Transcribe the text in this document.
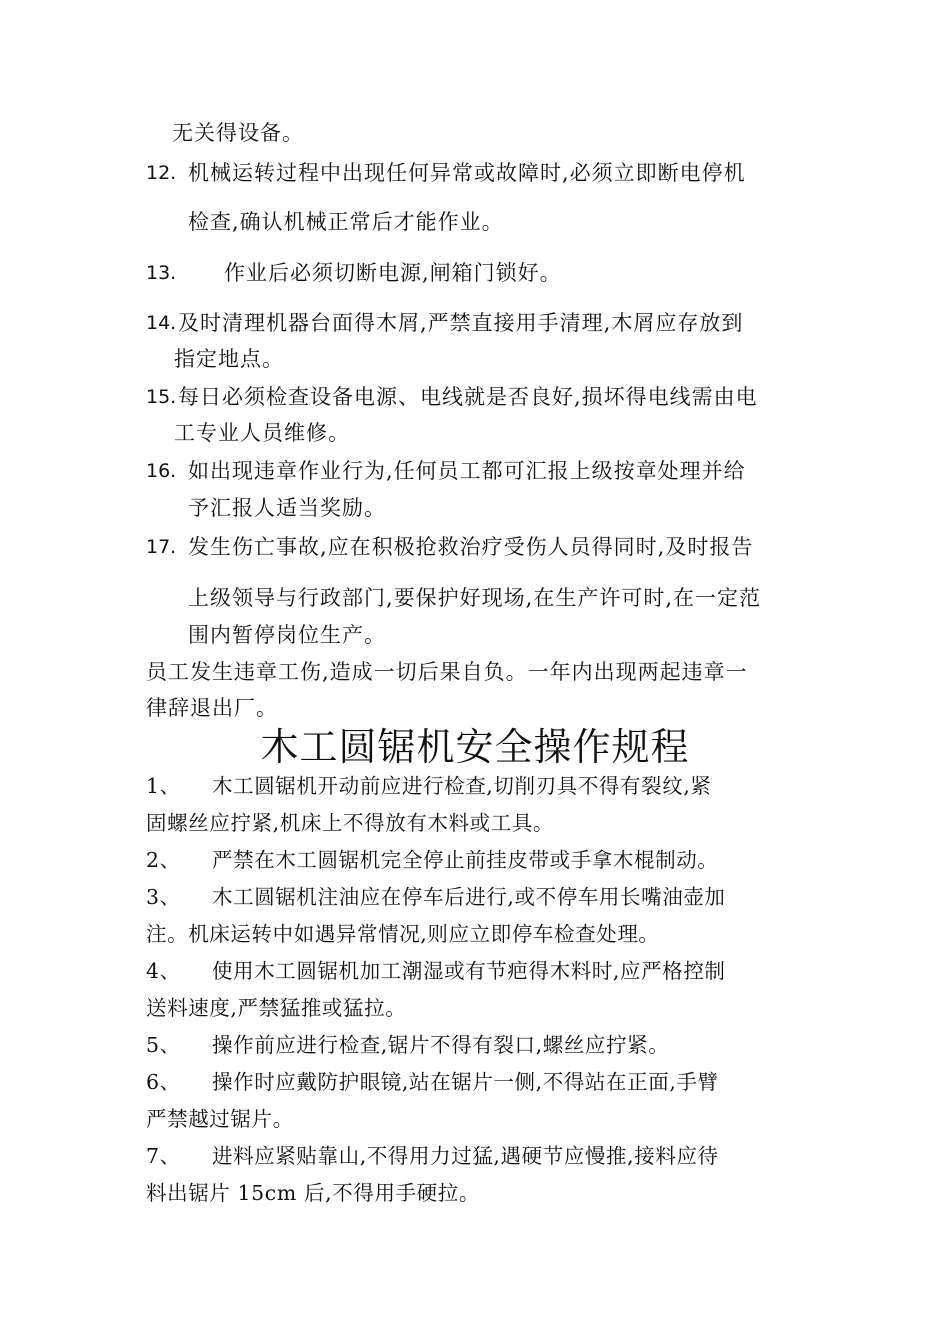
无关得设备。
12. 机械运转过程中出现任何异常或故障时,必须立即断电停机
检查,确认机械正常后才能作业。
13. 作业后必须切断电源,闸箱门锁好。
14. 及时清理机器台面得木屑,严禁直接用手清理,木屑应存放到
指定地点。
15. 每日必须检查设备电源、电线就是否良好,损坏得电线需由电
工专业人员维修。
16. 如出现违章作业行为,任何员工都可汇报上级按章处理并给
予汇报人适当奖励。
17. 发生伤亡事故,应在积极抢救治疗受伤人员得同时,及时报告
上级领导与行政部门,要保护好现场,在生产许可时,在一定范
围内暂停岗位生产。
员工发生违章工伤,造成一切后果自负。一年内出现两起违章一
律辞退出厂。
木工圆锯机安全操作规程
1、 木工圆锯机开动前应进行检查,切削刃具不得有裂纹,紧
固螺丝应拧紧,机床上不得放有木料或工具。
2、 严禁在木工圆锯机完全停止前挂皮带或手拿木棍制动。
3、 木工圆锯机注油应在停车后进行,或不停车用长嘴油壶加
注。机床运转中如遇异常情况,则应立即停车检查处理。
4、 使用木工圆锯机加工潮湿或有节疤得木料时,应严格控制
送料速度,严禁猛推或猛拉。
5、 操作前应进行检查,锯片不得有裂口,螺丝应拧紧。
6、 操作时应戴防护眼镜,站在锯片一侧,不得站在正面,手臂
严禁越过锯片。
7、 进料应紧贴靠山,不得用力过猛,遇硬节应慢推,接料应待
料出锯片 15cm 后,不得用手硬拉。
